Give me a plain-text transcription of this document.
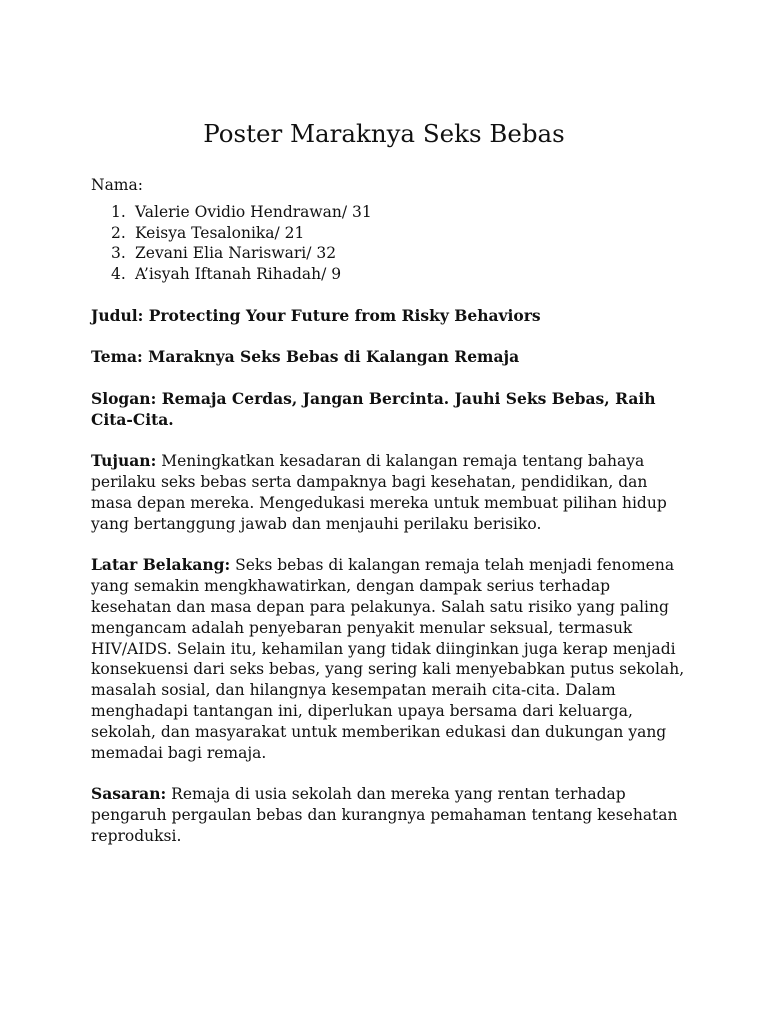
Poster Maraknya Seks Bebas

Nama:

1. Valerie Ovidio Hendrawan/ 31
2. Keisya Tesalonika/ 21
3. Zevani Elia Nariswari/ 32
4. A’isyah Iftanah Rihadah/ 9

Judul: Protecting Your Future from Risky Behaviors

Tema: Maraknya Seks Bebas di Kalangan Remaja

Slogan: Remaja Cerdas, Jangan Bercinta. Jauhi Seks Bebas, Raih Cita-Cita.

Tujuan: Meningkatkan kesadaran di kalangan remaja tentang bahaya perilaku seks bebas serta dampaknya bagi kesehatan, pendidikan, dan masa depan mereka. Mengedukasi mereka untuk membuat pilihan hidup yang bertanggung jawab dan menjauhi perilaku berisiko.

Latar Belakang: Seks bebas di kalangan remaja telah menjadi fenomena yang semakin mengkhawatirkan, dengan dampak serius terhadap kesehatan dan masa depan para pelakunya. Salah satu risiko yang paling mengancam adalah penyebaran penyakit menular seksual, termasuk HIV/AIDS. Selain itu, kehamilan yang tidak diinginkan juga kerap menjadi konsekuensi dari seks bebas, yang sering kali menyebabkan putus sekolah, masalah sosial, dan hilangnya kesempatan meraih cita-cita. Dalam menghadapi tantangan ini, diperlukan upaya bersama dari keluarga, sekolah, dan masyarakat untuk memberikan edukasi dan dukungan yang memadai bagi remaja.

Sasaran: Remaja di usia sekolah dan mereka yang rentan terhadap pengaruh pergaulan bebas dan kurangnya pemahaman tentang kesehatan reproduksi.
